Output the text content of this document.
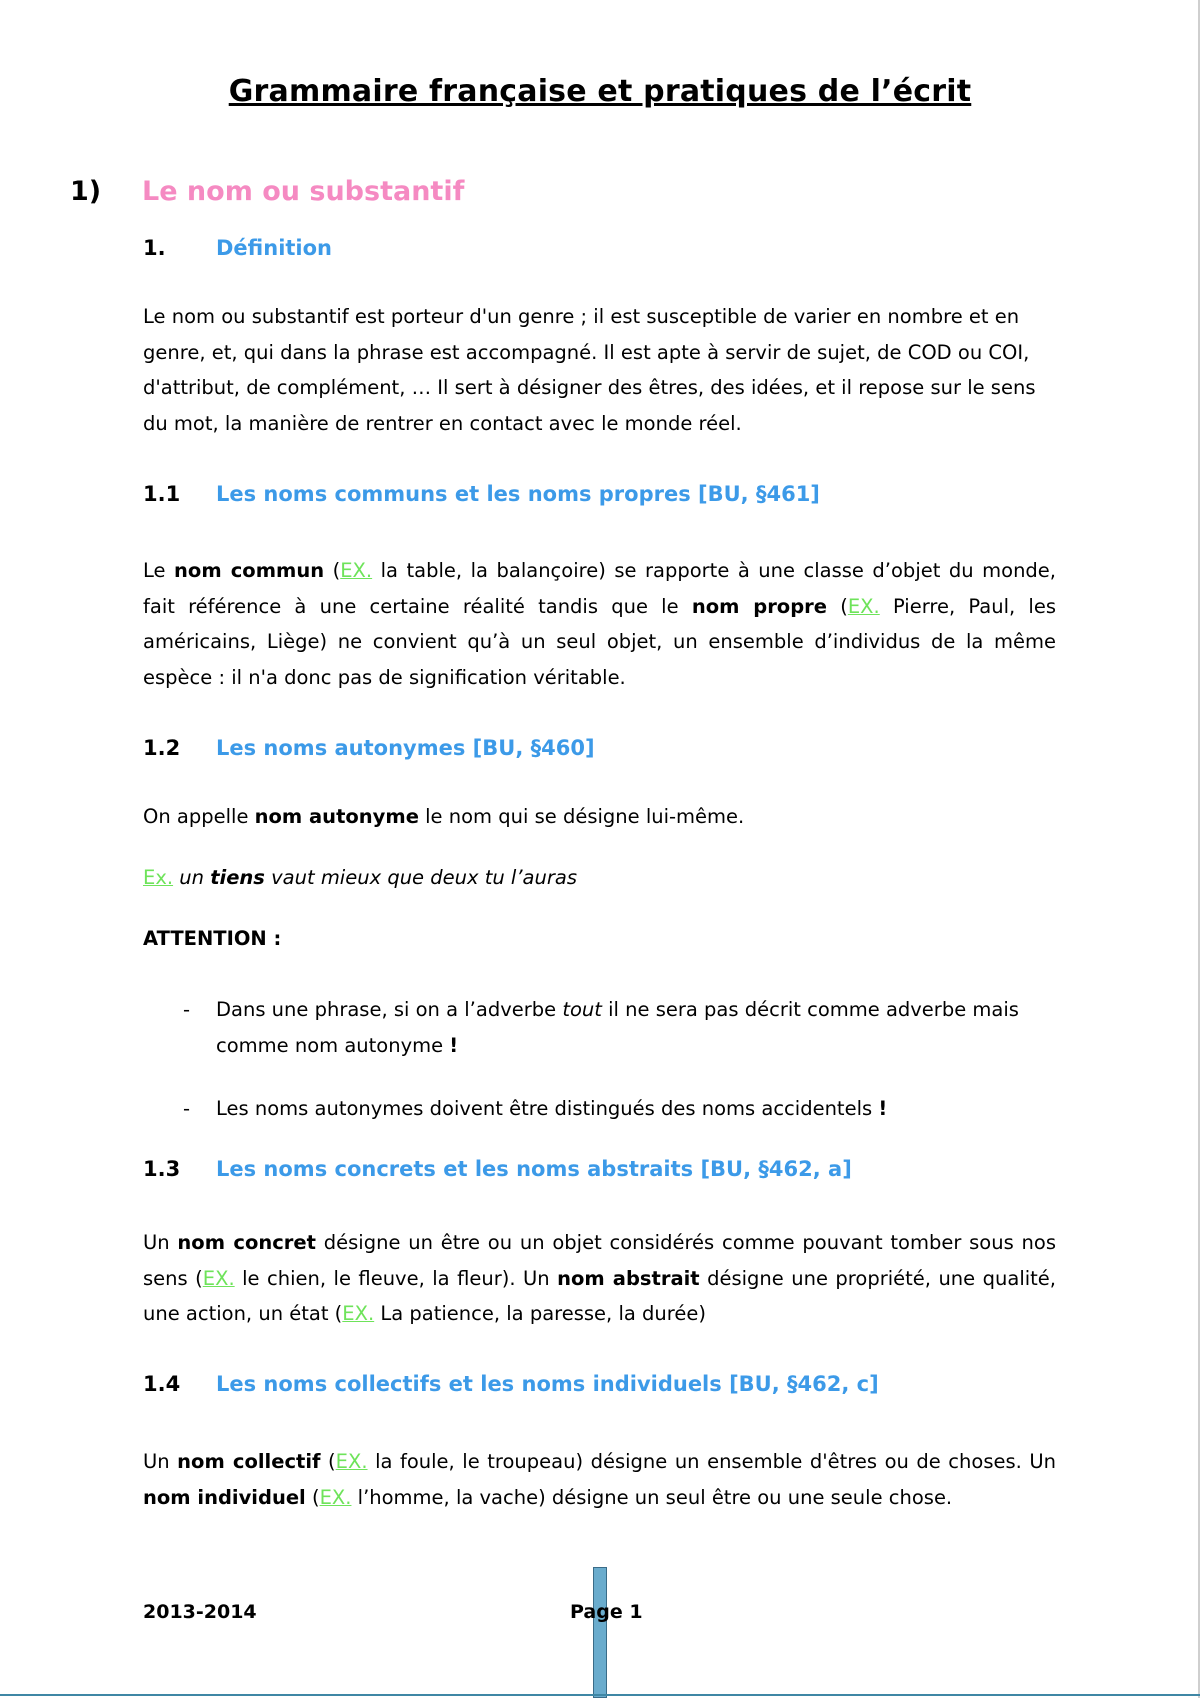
Grammaire française et pratiques de l’écrit
1)	Le nom ou substantif
1. Définition

Le nom ou substantif est porteur d'un genre ; il est susceptible de varier en nombre et en genre, et, qui dans la phrase est accompagné. Il est apte à servir de sujet, de COD ou COI, d'attribut, de complément, … Il sert à désigner des êtres, des idées, et il repose sur le sens du mot, la manière de rentrer en contact avec le monde réel.

1.1 Les noms communs et les noms propres [BU, §461]

Le nom commun (EX. la table, la balançoire) se rapporte à une classe d’objet du monde, fait référence à une certaine réalité tandis que le nom propre (EX. Pierre, Paul, les américains, Liège) ne convient qu’à un seul objet, un ensemble d’individus de la même espèce : il n'a donc pas de signification véritable.

1.2 Les noms autonymes [BU, §460]

On appelle nom autonyme le nom qui se désigne lui-même.

Ex. un tiens vaut mieux que deux tu l’auras
ATTENTION :
- Dans une phrase, si on a l’adverbe tout il ne sera pas décrit comme adverbe mais comme nom autonyme !
- Les noms autonymes doivent être distingués des noms accidentels !
1.3 Les noms concrets et les noms abstraits [BU, §462, a]

Un nom concret désigne un être ou un objet considérés comme pouvant tomber sous nos sens (EX. le chien, le fleuve, la fleur). Un nom abstrait désigne une propriété, une qualité, une action, un état (EX. La patience, la paresse, la durée)

1.4 Les noms collectifs et les noms individuels [BU, §462, c]

Un nom collectif (EX. la foule, le troupeau) désigne un ensemble d'êtres ou de choses. Un nom individuel (EX. l’homme, la vache) désigne un seul être ou une seule chose.

2013-2014	Page 1
